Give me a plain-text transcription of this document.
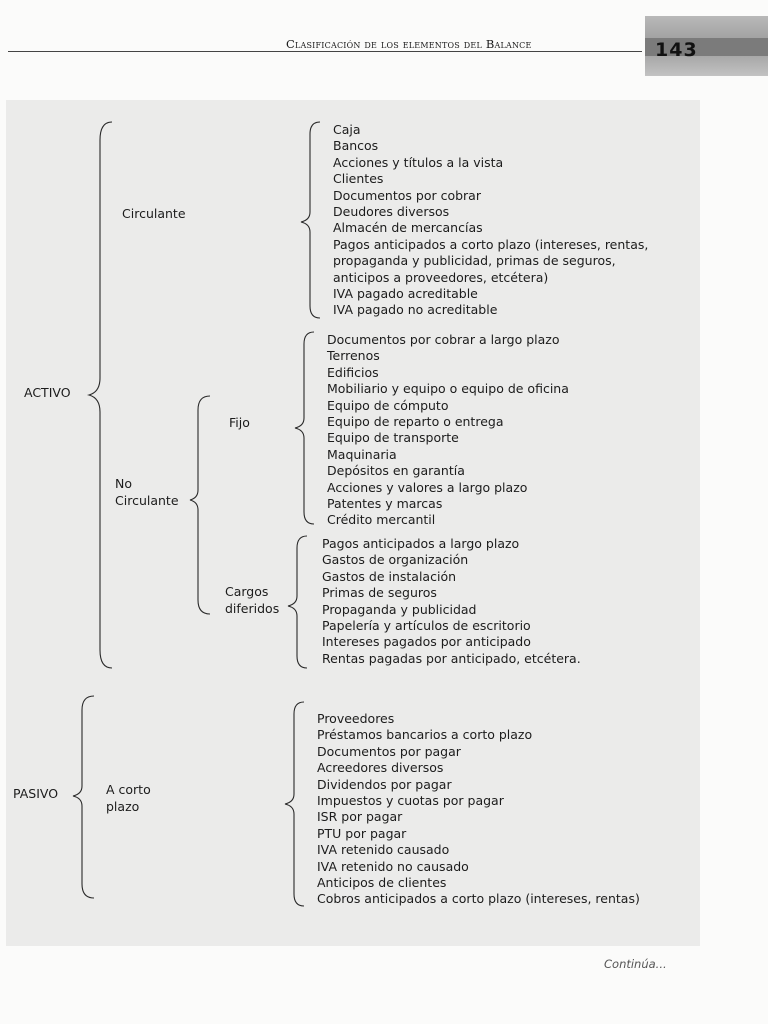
Clasificación de los elementos del Balance	143
ACTIVO
Circulante
Caja
Bancos
Acciones y títulos a la vista
Clientes
Documentos por cobrar
Deudores diversos
Almacén de mercancías
Pagos anticipados a corto plazo (intereses, rentas,
propaganda y publicidad, primas de seguros,
anticipos a proveedores, etcétera)
IVA pagado acreditable
IVA pagado no acreditable
No
Circulante
Fijo
Documentos por cobrar a largo plazo
Terrenos
Edificios
Mobiliario y equipo o equipo de oficina
Equipo de cómputo
Equipo de reparto o entrega
Equipo de transporte
Maquinaria
Depósitos en garantía
Acciones y valores a largo plazo
Patentes y marcas
Crédito mercantil
Cargos
diferidos
Pagos anticipados a largo plazo
Gastos de organización
Gastos de instalación
Primas de seguros
Propaganda y publicidad
Papelería y artículos de escritorio
Intereses pagados por anticipado
Rentas pagadas por anticipado, etcétera.
PASIVO	A corto
plazo
Proveedores
Préstamos bancarios a corto plazo
Documentos por pagar
Acreedores diversos
Dividendos por pagar
Impuestos y cuotas por pagar
ISR por pagar
PTU por pagar
IVA retenido causado
IVA retenido no causado
Anticipos de clientes
Cobros anticipados a corto plazo (intereses, rentas)
Continúa...
